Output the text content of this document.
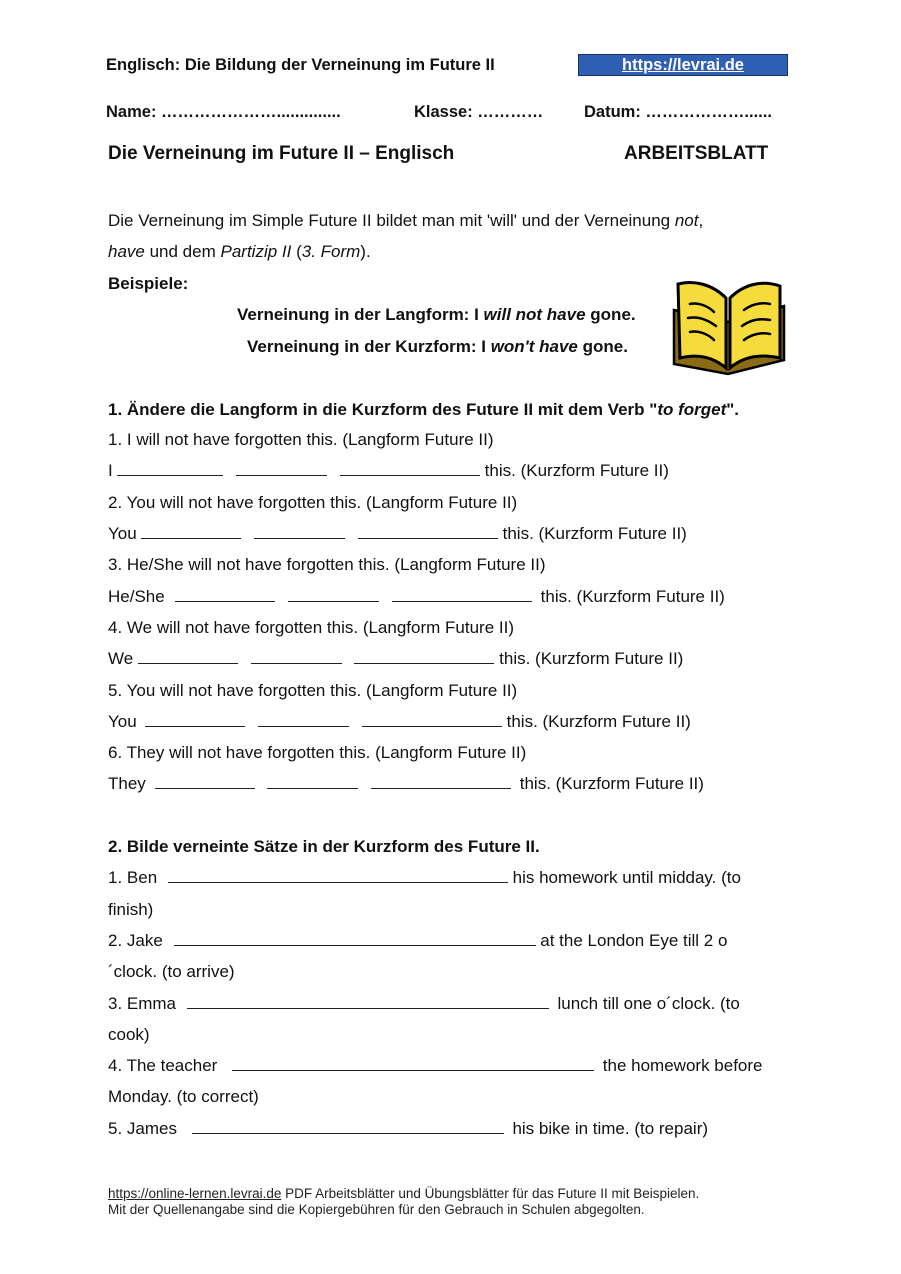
Englisch: Die Bildung der Verneinung im Future II	https://levrai.de
Name: …………………..............	Klasse: ………… Datum: ………………......
Die Verneinung im Future II – Englisch	ARBEITSBLATT
Die Verneinung im Simple Future II bildet man mit 'will' und der Verneinung not,
have und dem Partizip II (3. Form).
Beispiele:
Verneinung in der Langform: I will not have gone.
Verneinung in der Kurzform: I won't have gone.
1. Ändere die Langform in die Kurzform des Future II mit dem Verb "to forget".
1. I will not have forgotten this. (Langform Future II)
I	this. (Kurzform Future II)
2. You will not have forgotten this. (Langform Future II)
You	this. (Kurzform Future II)
3. He/She will not have forgotten this. (Langform Future II)
He/She	this. (Kurzform Future II)
4. We will not have forgotten this. (Langform Future II)
We	this. (Kurzform Future II)
5. You will not have forgotten this. (Langform Future II)
You	this. (Kurzform Future II)
6. They will not have forgotten this. (Langform Future II)
They	this. (Kurzform Future II)
2. Bilde verneinte Sätze in der Kurzform des Future II.
1. Ben	his homework until midday. (to
finish)
2. Jake	at the London Eye till 2 o
´clock. (to arrive)
3. Emma	lunch till one o´clock. (to
cook)
4. The teacher	the homework before
Monday. (to correct)
5. James	his bike in time. (to repair)
https://online-lernen.levrai.de PDF Arbeitsblätter und Übungsblätter für das Future II mit Beispielen.
Mit der Quellenangabe sind die Kopiergebühren für den Gebrauch in Schulen abgegolten.
